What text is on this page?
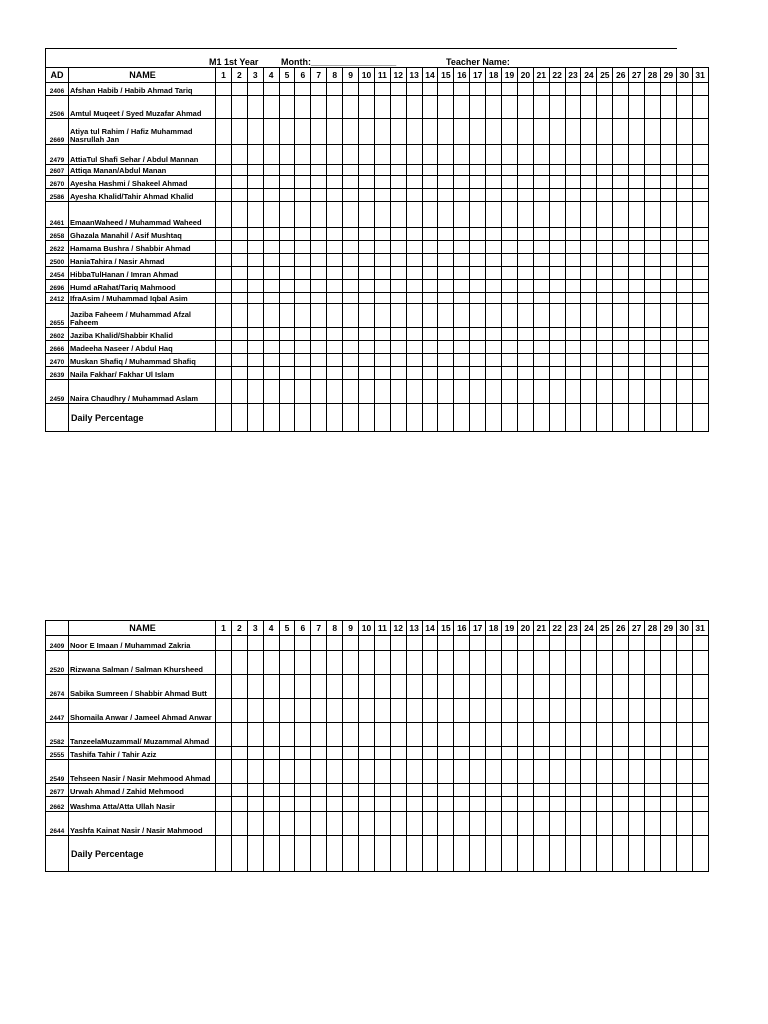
M1 1st Year	Month:_________________	Teacher Name:
AD	NAME	1	2	3	4	5	6	7	8	9	10	11	12	13	14	15	16	17	18	19	20	21	22	23	24	25	26	27	28	29	30	31
2406	Afshan Habib / Habib Ahmad Tariq																															
2506	Amtul Muqeet / Syed Muzafar Ahmad																															
2669	Atiya tul Rahim / Hafiz Muhammad Nasrullah Jan																															
2479	AttiaTul Shafi Sehar / Abdul Mannan																															
2607	Attiqa Manan/Abdul Manan																															
2670	Ayesha Hashmi / Shakeel Ahmad																															
2586	Ayesha Khalid/Tahir Ahmad Khalid																															
2461	EmaanWaheed / Muhammad Waheed																															
2658	Ghazala Manahil / Asif Mushtaq																															
2622	Hamama Bushra / Shabbir Ahmad																															
2500	HaniaTahira / Nasir Ahmad																															
2454	HibbaTulHanan / Imran Ahmad																															
2696	Humd aRahat/Tariq Mahmood																															
2412	IfraAsim / Muhammad Iqbal Asim																															
2655	Jaziba Faheem / Muhammad Afzal Faheem																															
2602	Jaziba Khalid/Shabbir Khalid																															
2666	Madeeha Naseer / Abdul Haq																															
2470	Muskan Shafiq / Muhammad Shafiq																															
2639	Naila Fakhar/ Fakhar Ul Islam																															
2459	Naira Chaudhry / Muhammad Aslam																															
	Daily Percentage																															
	NAME	1	2	3	4	5	6	7	8	9	10	11	12	13	14	15	16	17	18	19	20	21	22	23	24	25	26	27	28	29	30	31
2409	Noor E Imaan / Muhammad Zakria																															
2520	Rizwana Salman / Salman Khursheed																															
2674	Sabika Sumreen / Shabbir Ahmad Butt																															
2447	Shomaila Anwar / Jameel Ahmad Anwar																															
2582	TanzeelaMuzammal/ Muzammal Ahmad																															
2555	Tashifa Tahir / Tahir Aziz																															
2549	Tehseen Nasir / Nasir Mehmood Ahmad																															
2677	Urwah Ahmad / Zahid Mehmood																															
2662	Washma Atta/Atta Ullah Nasir																															
2644	Yashfa Kainat Nasir / Nasir Mahmood																															
	Daily Percentage																															
